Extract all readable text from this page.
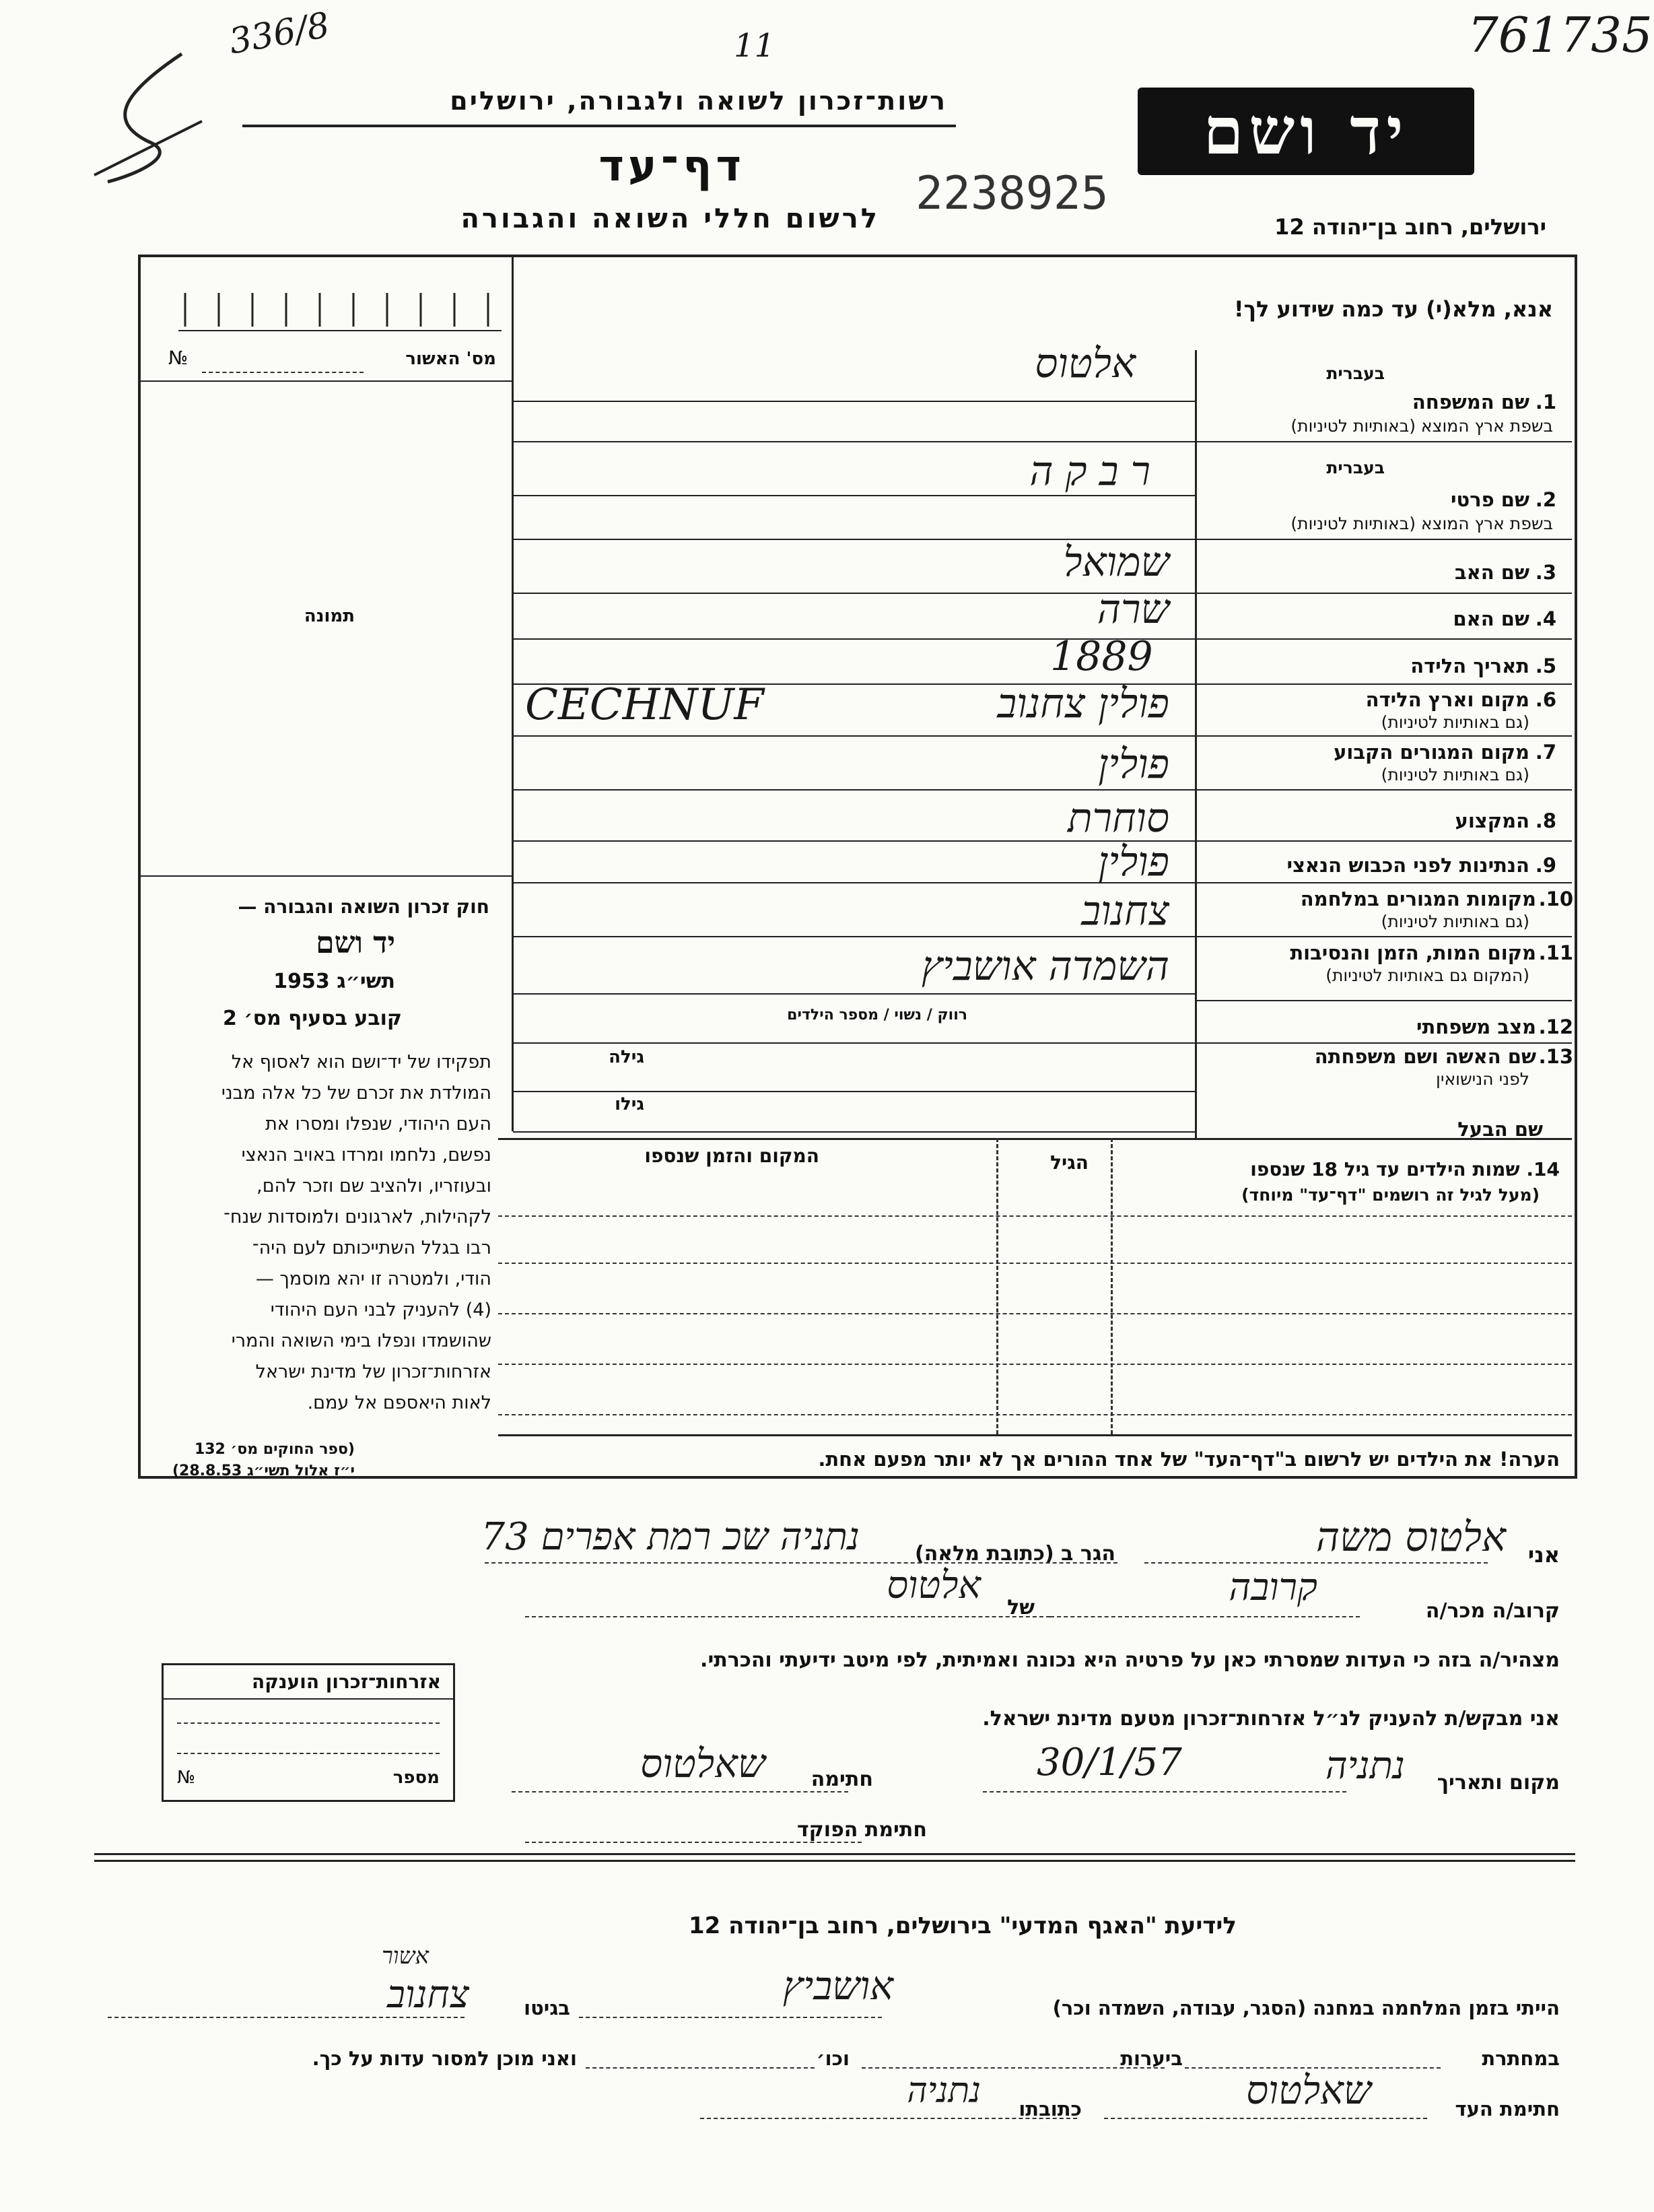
336/8	11	761735
רשות־זכרון לשואה ולגבורה, ירושלים
דף־עד
לרשום חללי השואה והגבורה 2238925
יד ושם
ירושלים, רחוב בן־יהודה 12
אנא, מלא(י) עד כמה שידוע לך!
מס' האשור
№
תמונה
חוק זכרון השואה והגבורה —
יד ושם
תשי״ג 1953
קובע בסעיף מס׳ 2
תפקידו של יד־ושם הוא לאסוף אל
המולדת את זכרם של כל אלה מבני
העם היהודי, שנפלו ומסרו את
נפשם, נלחמו ומרדו באויב הנאצי
ובעוזריו, ולהציב שם וזכר להם,
לקהילות, לארגונים ולמוסדות שנח־
רבו בגלל השתייכותם לעם היה־
הודי, ולמטרה זו יהא מוסמך —
(4) להעניק לבני העם היהודי
שהושמדו ונפלו בימי השואה והמרי
אזרחות־זכרון של מדינת ישראל
לאות היאספם אל עמם.
(ספר החוקים מס׳ 132
י״ז אלול תשי״ג 28.8.53)
בעברית
1.
שם המשפחה
בשפת ארץ המוצא (באותיות לטיניות)
בעברית
2.
שם פרטי
בשפת ארץ המוצא (באותיות לטיניות)
3.
שם האב
4.
שם האם
5.
תאריך הלידה
6.
מקום וארץ הלידה
(גם באותיות לטיניות)
7.
מקום המגורים הקבוע
(גם באותיות לטיניות)
8.
המקצוע
9.
הנתינות לפני הכבוש הנאצי
10.
מקומות המגורים במלחמה
(גם באותיות לטיניות)
11.
מקום המות, הזמן והנסיבות
(המקום גם באותיות לטיניות)
12.
מצב משפחתי
13.
שם האשה ושם משפחתה
לפני הנישואין
שם הבעל
אלטוס
רבקה
שמואל
שרה
1889
פולין צחנוב
CECHNUF
פולין
סוחרת
פולין
צחנוב
השמדה אושביץ
רווק / נשוי / מספר הילדים
גילה
גילו
14. שמות הילדים עד גיל 18 שנספו
(מעל לגיל זה רושמים "דף־עד" מיוחד)
הגיל
המקום והזמן שנספו
הערה! את הילדים יש לרשום ב"דף־העד" של אחד ההורים אך לא יותר מפעם אחת.
אני
אלטוס משה
הגר ב (כתובת מלאה)
נתניה שכ רמת אפרים 73
קרוב/ה מכר/ה
קרובה
של
אלטוס
מצהיר/ה בזה כי העדות שמסרתי כאן על פרטיה היא נכונה ואמיתית, לפי מיטב ידיעתי והכרתי.
אני מבקש/ת להעניק לנ״ל אזרחות־זכרון מטעם מדינת ישראל.
מקום ותאריך
נתניה
30/1/57
חתימה
שאלטוס
חתימת הפוקד
אזרחות־זכרון הוענקה
מספר
№
לידיעת "האגף המדעי" בירושלים, רחוב בן־יהודה 12
הייתי בזמן המלחמה במחנה (הסגר, עבודה, השמדה וכר)
אושביץ
בגיטו
צחנוב
אשור
במחתרת
ביערות
וכו׳
ואני מוכן למסור עדות על כך.
חתימת העד
שאלטוס
כתובתו
נתניה
